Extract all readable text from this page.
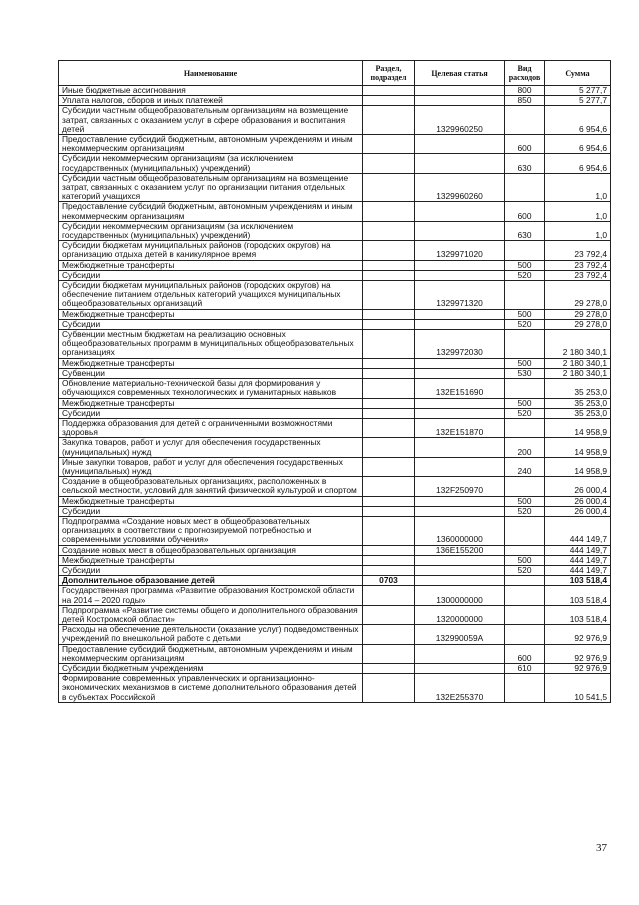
Наименование	Раздел, подраздел	Целевая статья	Вид расходов	Сумма
Иные бюджетные ассигнования			800	5 277,7
Уплата налогов, сборов и иных платежей			850	5 277,7
Субсидии частным общеобразовательным организациям на возмещение затрат, связанных с оказанием услуг в сфере образования и воспитания детей		1329960250		6 954,6
Предоставление субсидий бюджетным, автономным учреждениям и иным некоммерческим организациям			600	6 954,6
Субсидии некоммерческим организациям (за исключением государственных (муниципальных) учреждений)			630	6 954,6
Субсидии частным общеобразовательным организациям на возмещение затрат, связанных с оказанием услуг по организации питания отдельных категорий учащихся		1329960260		1,0
Предоставление субсидий бюджетным, автономным учреждениям и иным некоммерческим организациям			600	1,0
Субсидии некоммерческим организациям (за исключением государственных (муниципальных) учреждений)			630	1,0
Субсидии бюджетам муниципальных районов (городских округов) на организацию отдыха детей в каникулярное время		1329971020		23 792,4
Межбюджетные трансферты			500	23 792,4
Субсидии			520	23 792,4
Субсидии бюджетам муниципальных районов (городских округов) на обеспечение питанием отдельных категорий учащихся муниципальных общеобразовательных организаций		1329971320		29 278,0
Межбюджетные трансферты			500	29 278,0
Субсидии			520	29 278,0
Субвенции местным бюджетам на реализацию основных общеобразовательных программ в муниципальных общеобразовательных организациях		1329972030		2 180 340,1
Межбюджетные трансферты			500	2 180 340,1
Субвенции			530	2 180 340,1
Обновление материально-технической базы для формирования у обучающихся современных технологических и гуманитарных навыков		132E151690		35 253,0
Межбюджетные трансферты			500	35 253,0
Субсидии			520	35 253,0
Поддержка образования для детей с ограниченными возможностями здоровья		132E151870		14 958,9
Закупка товаров, работ и услуг для обеспечения государственных (муниципальных) нужд			200	14 958,9
Иные закупки товаров, работ и услуг для обеспечения государственных (муниципальных) нужд			240	14 958,9
Создание в общеобразовательных организациях, расположенных в сельской местности, условий для занятий физической культурой и спортом		132F250970		26 000,4
Межбюджетные трансферты			500	26 000,4
Субсидии			520	26 000,4
Подпрограмма «Создание новых мест в общеобразовательных организациях в соответствии с прогнозируемой потребностью и современными условиями обучения»		1360000000		444 149,7
Создание новых мест в общеобразовательных организация		136E155200		444 149,7
Межбюджетные трансферты			500	444 149,7
Субсидии			520	444 149,7
Дополнительное образование детей	0703			103 518,4
Государственная программа «Развитие образования Костромской области на 2014 – 2020 годы»		1300000000		103 518,4
Подпрограмма «Развитие системы общего и дополнительного образования детей Костромской области»		1320000000		103 518,4
Расходы на обеспечение деятельности (оказание услуг) подведомственных учреждений по внешкольной работе с детьми		132990059A		92 976,9
Предоставление субсидий бюджетным, автономным учреждениям и иным некоммерческим организациям			600	92 976,9
Субсидии бюджетным учреждениям			610	92 976,9
Формирование современных управленческих и организационно-экономических механизмов в системе дополнительного образования детей в субъектах Российской		132E255370		10 541,5
37
